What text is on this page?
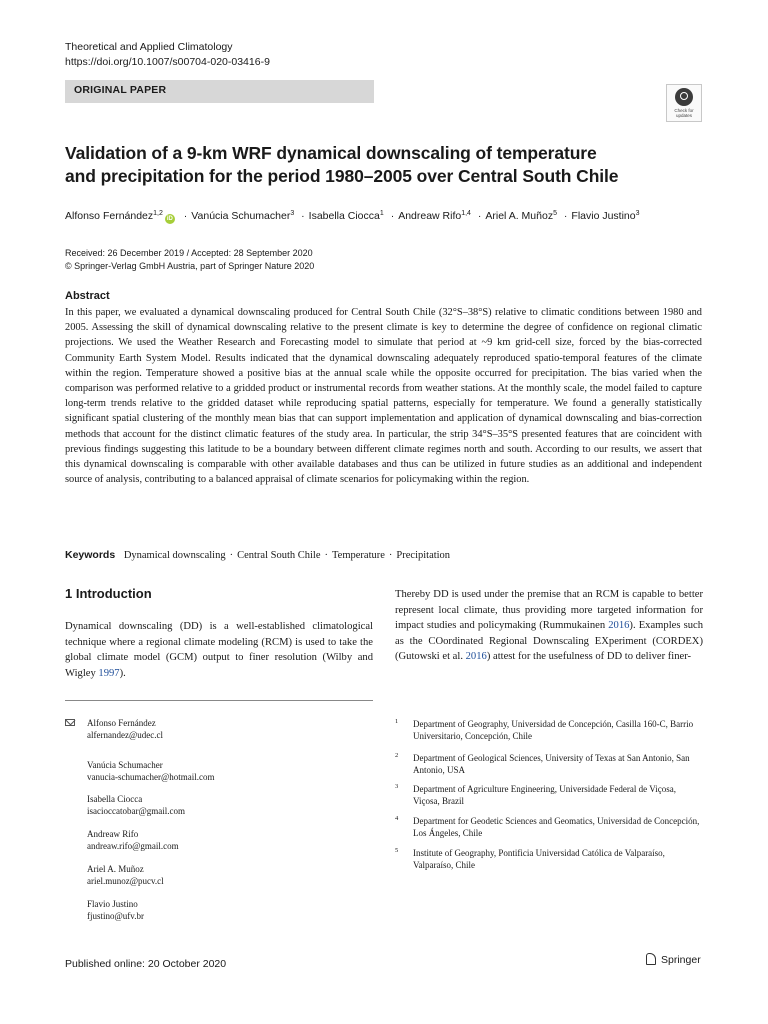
Theoretical and Applied Climatology
https://doi.org/10.1007/s00704-020-03416-9
ORIGINAL PAPER
Check for updates
Validation of a 9-km WRF dynamical downscaling of temperature
and precipitation for the period 1980–2005 over Central South Chile
Alfonso Fernández$^{1,2}$iD · Vanúcia Schumacher$^3$ · Isabella Ciocca$^1$ · Andreaw Rifo$^{1,4}$ · Ariel A. Muñoz$^5$ · Flavio Justino$^3$
Received: 26 December 2019 / Accepted: 28 September 2020
© Springer-Verlag GmbH Austria, part of Springer Nature 2020
Abstract

In this paper, we evaluated a dynamical downscaling produced for Central South Chile (32°S–38°S) relative to climatic conditions between 1980 and 2005. Assessing the skill of dynamical downscaling relative to the present climate is key to determine the degree of confidence on regional climatic projections. We used the Weather Research and Forecasting model to simulate that period at ~9 km grid-cell size, forced by the bias-corrected Community Earth System Model. Results indicated that the dynamical downscaling adequately reproduced spatio-temporal features of the climate within the region. Temperature showed a positive bias at the annual scale while the opposite occurred for precipitation. The bias varied when the comparison was performed relative to a gridded product or instrumental records from weather stations. At the monthly scale, the model failed to capture long-term trends relative to the gridded dataset while reproducing spatial patterns, especially for temperature. We found a generally statistically significant spatial clustering of the monthly mean bias that can support implementation and application of dynamical downscaling and bias-correction methods that account for the distinct climatic features of the study area. In particular, the strip 34°S–35°S presented features that are coincident with previous findings suggesting this latitude to be a boundary between different climate regimes north and south. According to our results, we assert that this dynamical downscaling is comparable with other available databases and thus can be utilized in future studies as an additional and independent source of analysis, contributing to a balanced appraisal of climate scenarios for policymaking within the region.

Keywords Dynamical downscaling · Central South Chile · Temperature · Precipitation
1 Introduction

Dynamical downscaling (DD) is a well-established climatological technique where a regional climate modeling (RCM) is used to take the global climate model (GCM) output to finer resolution (Wilby and Wigley 1997).

Thereby DD is used under the premise that an RCM is capable to better represent local climate, thus providing more targeted information for impact studies and policymaking (Rummukainen 2016). Examples such as the COordinated Regional Downscaling EXperiment (CORDEX) (Gutowski et al. 2016) attest for the usefulness of DD to deliver finer-

Alfonso Fernández
alfernandez@udec.cl
Vanúcia Schumacher
vanucia-schumacher@hotmail.com
Isabella Ciocca
isacioccatobar@gmail.com
Andreaw Rifo
andreaw.rifo@gmail.com
Ariel A. Muñoz
ariel.munoz@pucv.cl
Flavio Justino
fjustino@ufv.br
1 Department of Geography, Universidad de Concepción, Casilla 160-C, Barrio Universitario, Concepción, Chile
2 Department of Geological Sciences, University of Texas at San Antonio, San Antonio, USA
3 Department of Agriculture Engineering, Universidade Federal de Viçosa, Viçosa, Brazil
4 Department for Geodetic Sciences and Geomatics, Universidad de Concepción, Los Ángeles, Chile
5 Institute of Geography, Pontificia Universidad Católica de Valparaíso, Valparaíso, Chile
Published online: 20 October 2020	Springer
